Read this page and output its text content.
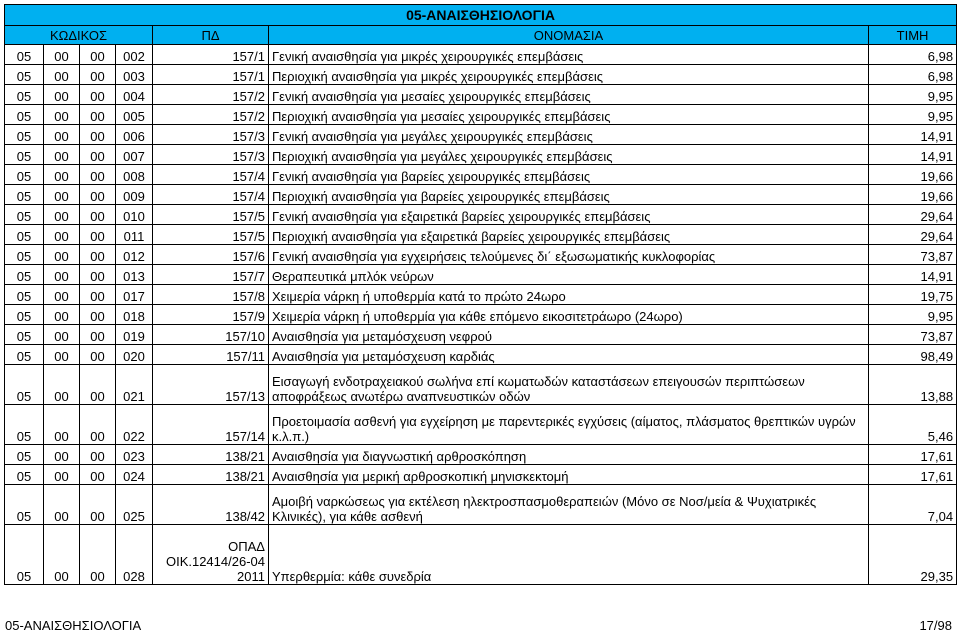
05-ΑΝΑΙΣΘΗΣΙΟΛΟΓΙΑ						
ΚΩΔΙΚΟΣ				ΠΔ	ΟΝΟΜΑΣΙΑ	ΤΙΜΗ
05	00	00	002	157/1	Γενική αναισθησία για μικρές χειρουργικές επεμβάσεις	6,98
05	00	00	003	157/1	Περιοχική αναισθησία για μικρές χειρουργικές επεμβάσεις	6,98
05	00	00	004	157/2	Γενική αναισθησία για μεσαίες χειρουργικές επεμβάσεις	9,95
05	00	00	005	157/2	Περιοχική αναισθησία για μεσαίες χειρουργικές επεμβάσεις	9,95
05	00	00	006	157/3	Γενική αναισθησία για μεγάλες χειρουργικές επεμβάσεις	14,91
05	00	00	007	157/3	Περιοχική αναισθησία για μεγάλες χειρουργικές επεμβάσεις	14,91
05	00	00	008	157/4	Γενική αναισθησία για βαρείες χειρουργικές επεμβάσεις	19,66
05	00	00	009	157/4	Περιοχική αναισθησία για βαρείες χειρουργικές επεμβάσεις	19,66
05	00	00	010	157/5	Γενική αναισθησία για εξαιρετικά βαρείες χειρουργικές επεμβάσεις	29,64
05	00	00	011	157/5	Περιοχική αναισθησία για εξαιρετικά βαρείες χειρουργικές επεμβάσεις	29,64
05	00	00	012	157/6	Γενική αναισθησία για εγχειρήσεις τελούμενες δι΄ εξωσωματικής κυκλοφορίας	73,87
05	00	00	013	157/7	Θεραπευτικά μπλόκ νεύρων	14,91
05	00	00	017	157/8	Χειμερία νάρκη ή υποθερμία κατά το πρώτο 24ωρο	19,75
05	00	00	018	157/9	Χειμερία νάρκη ή υποθερμία για κάθε επόμενο εικοσιτετράωρο (24ωρο)	9,95
05	00	00	019	157/10	Αναισθησία για μεταμόσχευση νεφρού	73,87
05	00	00	020	157/11	Αναισθησία για μεταμόσχευση καρδιάς	98,49
05	00	00	021	157/13	Εισαγωγή ενδοτραχειακού σωλήνα επί κωματωδών καταστάσεων επειγουσών περιπτώσεων αποφράξεως ανωτέρω αναπνευστικών οδών	13,88
05	00	00	022	157/14	Προετοιμασία ασθενή για εγχείρηση με παρεντερικές εγχύσεις (αίματος, πλάσματος θρεπτικών υγρών κ.λ.π.)	5,46
05	00	00	023	138/21	Αναισθησία για διαγνωστική αρθροσκόπηση	17,61
05	00	00	024	138/21	Αναισθησία για μερική αρθροσκοπική μηνισκεκτομή	17,61
05	00	00	025	138/42	Αμοιβή ναρκώσεως για εκτέλεση ηλεκτροσπασμοθεραπειών (Μόνο σε Νοσ/μεία & Ψυχιατρικές Κλινικές), για κάθε ασθενή	7,04
05	00	00	028	ΟΠΑΔ ΟΙΚ.12414/26-04 2011	Υπερθερμία: κάθε συνεδρία	29,35
05-ΑΝΑΙΣΘΗΣΙΟΛΟΓΙΑ	17/98
